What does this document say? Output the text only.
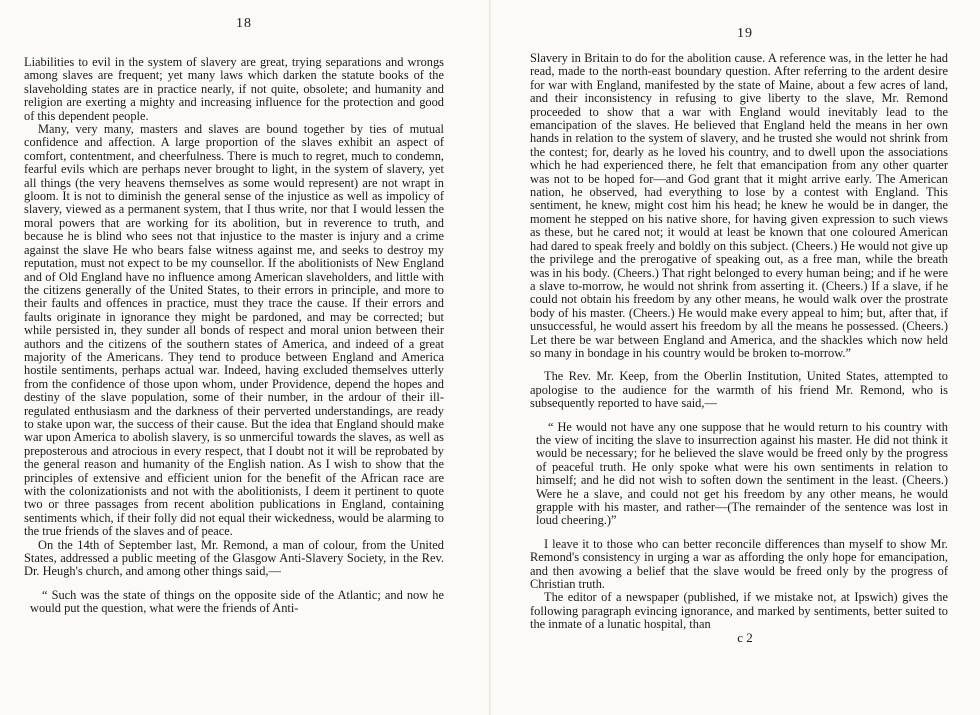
18

Liabilities to evil in the system of slavery are great, trying separations and wrongs among slaves are frequent; yet many laws which darken the statute books of the slaveholding states are in practice nearly, if not quite, obsolete; and humanity and religion are exerting a mighty and increasing influence for the protection and good of this dependent people.

Many, very many, masters and slaves are bound together by ties of mutual confidence and affection. A large proportion of the slaves exhibit an aspect of comfort, contentment, and cheerfulness. There is much to regret, much to condemn, fearful evils which are perhaps never brought to light, in the system of slavery, yet all things (the very heavens themselves as some would represent) are not wrapt in gloom. It is not to diminish the general sense of the injustice as well as impolicy of slavery, viewed as a permanent system, that I thus write, nor that I would lessen the moral powers that are working for its abolition, but in reverence to truth, and because he is blind who sees not that injustice to the master is injury and a crime against the slave He who bears false witness against me, and seeks to destroy my reputation, must not expect to be my counsellor. If the abolitionists of New England and of Old England have no influence among American slaveholders, and little with the citizens generally of the United States, to their errors in principle, and more to their faults and offences in practice, must they trace the cause. If their errors and faults originate in ignorance they might be pardoned, and may be corrected; but while persisted in, they sunder all bonds of respect and moral union between their authors and the citizens of the southern states of America, and indeed of a great majority of the Americans. They tend to produce between England and America hostile sentiments, perhaps actual war. Indeed, having excluded themselves utterly from the confidence of those upon whom, under Providence, depend the hopes and destiny of the slave population, some of their number, in the ardour of their ill-regulated enthusiasm and the darkness of their perverted understandings, are ready to stake upon war, the success of their cause. But the idea that England should make war upon America to abolish slavery, is so unmerciful towards the slaves, as well as preposterous and atrocious in every respect, that I doubt not it will be reprobated by the general reason and humanity of the English nation. As I wish to show that the principles of extensive and efficient union for the benefit of the African race are with the colonizationists and not with the abolitionists, I deem it pertinent to quote two or three passages from recent abolition publications in England, containing sentiments which, if their folly did not equal their wickedness, would be alarming to the true friends of the slaves and of peace.

On the 14th of September last, Mr. Remond, a man of colour, from the United States, addressed a public meeting of the Glasgow Anti-Slavery Society, in the Rev. Dr. Heugh's church, and among other things said,—

“ Such was the state of things on the opposite side of the Atlantic; and now he would put the question, what were the friends of Anti-

19

Slavery in Britain to do for the abolition cause. A reference was, in the letter he had read, made to the north-east boundary question. After referring to the ardent desire for war with England, manifested by the state of Maine, about a few acres of land, and their inconsistency in refusing to give liberty to the slave, Mr. Remond proceeded to show that a war with England would inevitably lead to the emancipation of the slaves. He believed that England held the means in her own hands in relation to the system of slavery, and he trusted she would not shrink from the contest; for, dearly as he loved his country, and to dwell upon the associations which he had experienced there, he felt that emancipation from any other quarter was not to be hoped for—and God grant that it might arrive early. The American nation, he observed, had everything to lose by a contest with England. This sentiment, he knew, might cost him his head; he knew he would be in danger, the moment he stepped on his native shore, for having given expression to such views as these, but he cared not; it would at least be known that one coloured American had dared to speak freely and boldly on this subject. (Cheers.) He would not give up the privilege and the prerogative of speaking out, as a free man, while the breath was in his body. (Cheers.) That right belonged to every human being; and if he were a slave to-morrow, he would not shrink from asserting it. (Cheers.) If a slave, if he could not obtain his freedom by any other means, he would walk over the prostrate body of his master. (Cheers.) He would make every appeal to him; but, after that, if unsuccessful, he would assert his freedom by all the means he possessed. (Cheers.) Let there be war between England and America, and the shackles which now held so many in bondage in his country would be broken to-morrow.”

The Rev. Mr. Keep, from the Oberlin Institution, United States, attempted to apologise to the audience for the warmth of his friend Mr. Remond, who is subsequently reported to have said,—

“ He would not have any one suppose that he would return to his country with the view of inciting the slave to insurrection against his master. He did not think it would be necessary; for he believed the slave would be freed only by the progress of peaceful truth. He only spoke what were his own sentiments in relation to himself; and he did not wish to soften down the sentiment in the least. (Cheers.) Were he a slave, and could not get his freedom by any other means, he would grapple with his master, and rather—(The remainder of the sentence was lost in loud cheering.)”

I leave it to those who can better reconcile differences than myself to show Mr. Remond's consistency in urging a war as affording the only hope for emancipation, and then avowing a belief that the slave would be freed only by the progress of Christian truth.

The editor of a newspaper (published, if we mistake not, at Ipswich) gives the following paragraph evincing ignorance, and marked by sentiments, better suited to the inmate of a lunatic hospital, than

c 2
